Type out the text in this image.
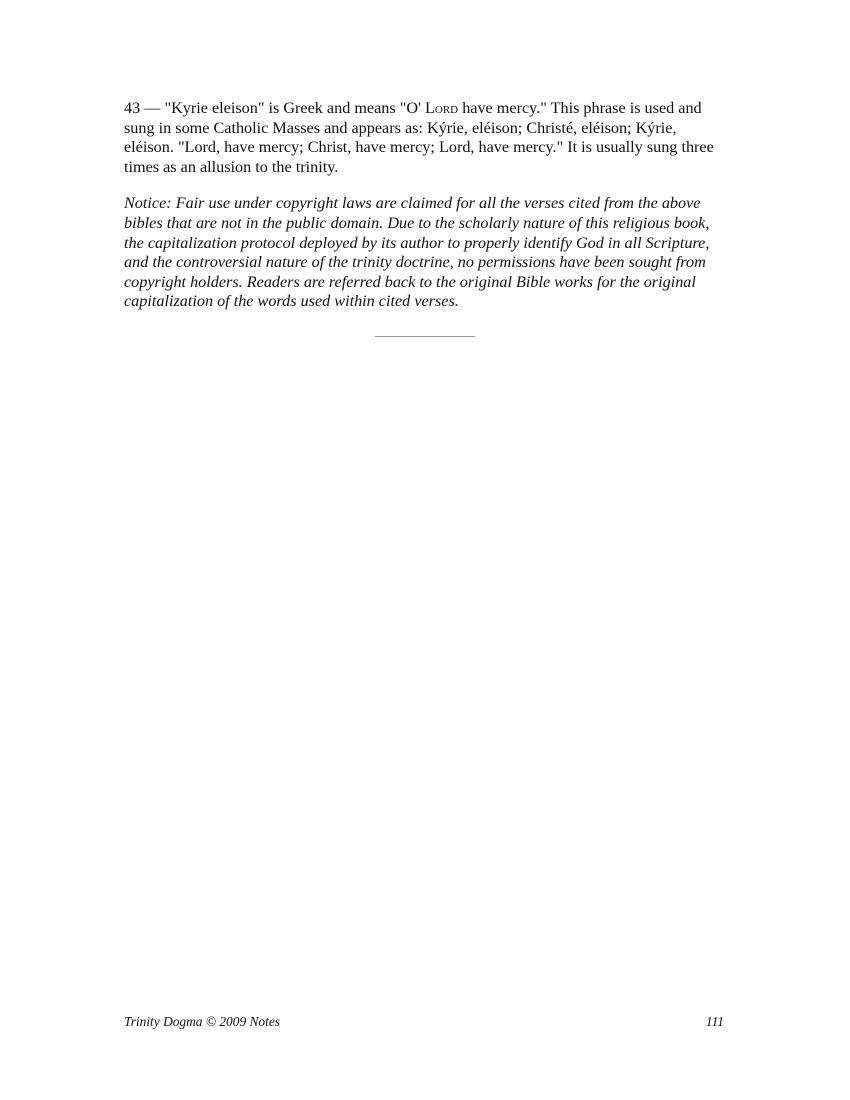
43 — "Kyrie eleison" is Greek and means "O' Lord have mercy." This phrase is used and sung in some Catholic Masses and appears as: Kýrie, eléison; Christé, eléison; Kýrie, eléison. "Lord, have mercy; Christ, have mercy; Lord, have mercy." It is usually sung three times as an allusion to the trinity.

Notice: Fair use under copyright laws are claimed for all the verses cited from the above bibles that are not in the public domain. Due to the scholarly nature of this religious book, the capitalization protocol deployed by its author to properly identify God in all Scripture, and the controversial nature of the trinity doctrine, no permissions have been sought from copyright holders. Readers are referred back to the original Bible works for the original capitalization of the words used within cited verses.

Trinity Dogma © 2009 Notes	111
